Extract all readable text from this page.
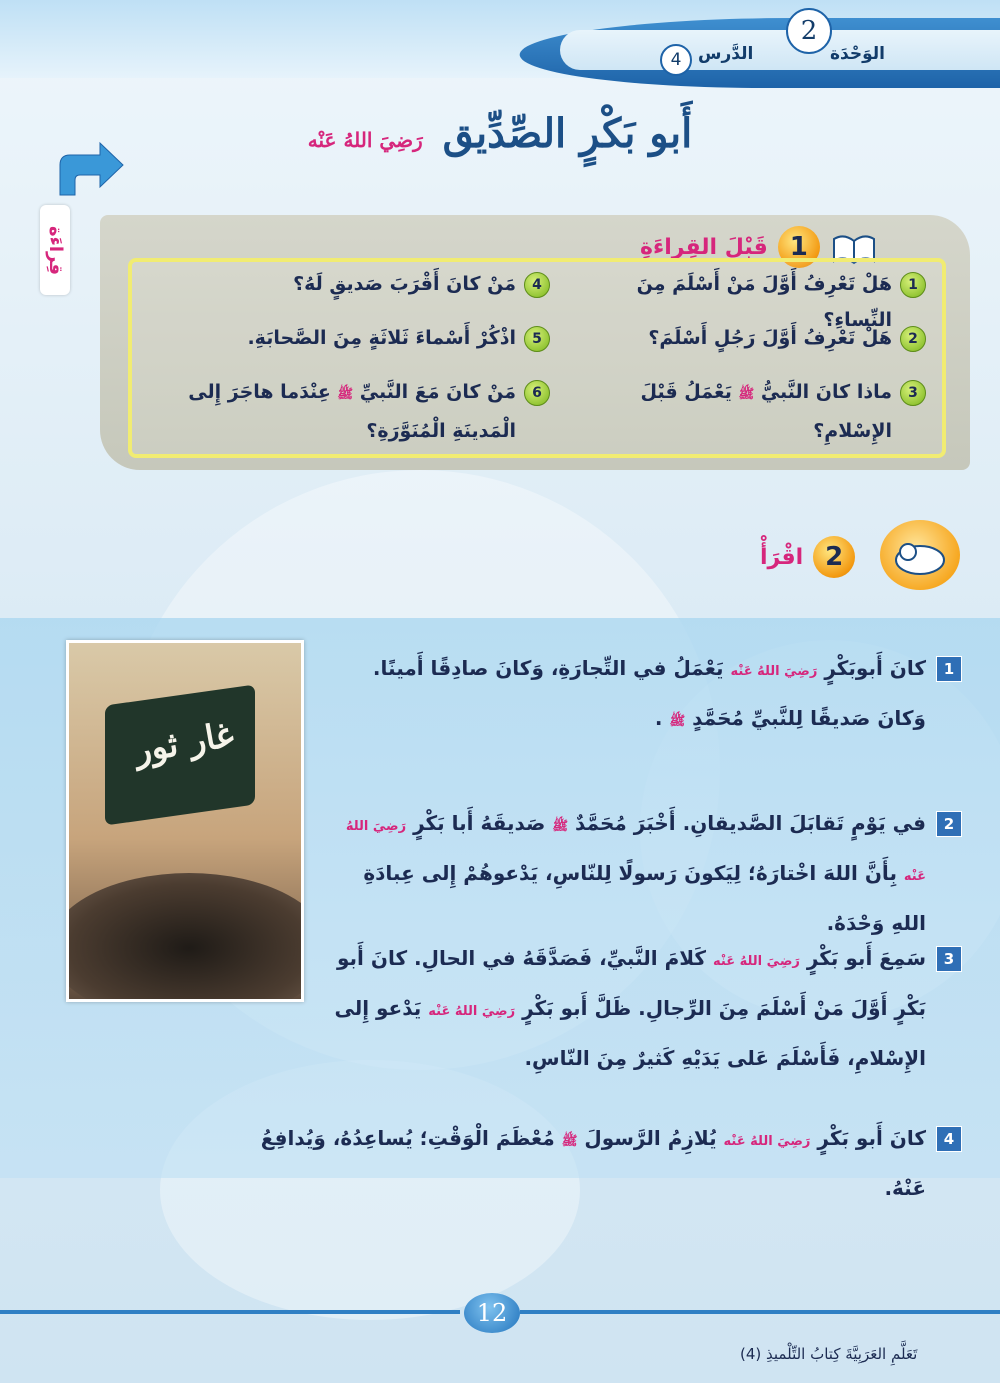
2
الوَحْدَة
4 الدَّرس
أَبو بَكْرٍ الصِّدِّيق رَضِيَ اللهُ عَنْه
قِراءَة	1
قَبْلَ القِراءَةِ
1
هَلْ تَعْرِفُ أَوَّلَ مَنْ أَسْلَمَ مِنَ النِّساءِ؟
2
هَلْ تَعْرِفُ أَوَّلَ رَجُلٍ أَسْلَمَ؟
3
ماذا كانَ النَّبيُّ ﷺ يَعْمَلُ قَبْلَ الإِسْلامِ؟
4
مَنْ كانَ أَقْرَبَ صَديقٍ لَهُ؟
5
اذْكُرْ أَسْماءَ ثَلاثَةٍ مِنَ الصَّحابَةِ.
6
مَنْ كانَ مَعَ النَّبيِّ ﷺ عِنْدَما هاجَرَ إِلى الْمَدينَةِ الْمُنَوَّرَةِ؟
2
اقْرَأْ
غار ثور
1
كانَ أَبوبَكْرٍ رَضِيَ اللهُ عَنْه يَعْمَلُ في التِّجارَةِ، وَكانَ صادِقًا أَمينًا. وَكانَ صَديقًا لِلنَّبيِّ مُحَمَّدٍ ﷺ .
2
في يَوْمٍ تَقابَلَ الصَّديقانِ. أَخْبَرَ مُحَمَّدٌ ﷺ صَديقَهُ أَبا بَكْرٍ رَضِيَ اللهُ عَنْه بِأَنَّ اللهَ اخْتارَهُ؛ لِيَكونَ رَسولًا لِلنّاسِ، يَدْعوهُمْ إِلى عِبادَةِ اللهِ وَحْدَهُ.
3
سَمِعَ أَبو بَكْرٍ رَضِيَ اللهُ عَنْه كَلامَ النَّبيِّ، فَصَدَّقَهُ في الحالِ. كانَ أَبو بَكْرٍ أَوَّلَ مَنْ أَسْلَمَ مِنَ الرِّجالِ. ظَلَّ أَبو بَكْرٍ رَضِيَ اللهُ عَنْه يَدْعو إِلى الإِسْلامِ، فَأَسْلَمَ عَلى يَدَيْهِ كَثيرٌ مِنَ النّاسِ.
4
كانَ أَبو بَكْرٍ رَضِيَ اللهُ عَنْه يُلازِمُ الرَّسولَ ﷺ مُعْظَمَ الْوَقْتِ؛ يُساعِدُهُ، وَيُدافِعُ عَنْهُ.
12
تَعَلَّمِ العَرَبِيَّةَ كِتابُ التِّلْميذِ (4)
